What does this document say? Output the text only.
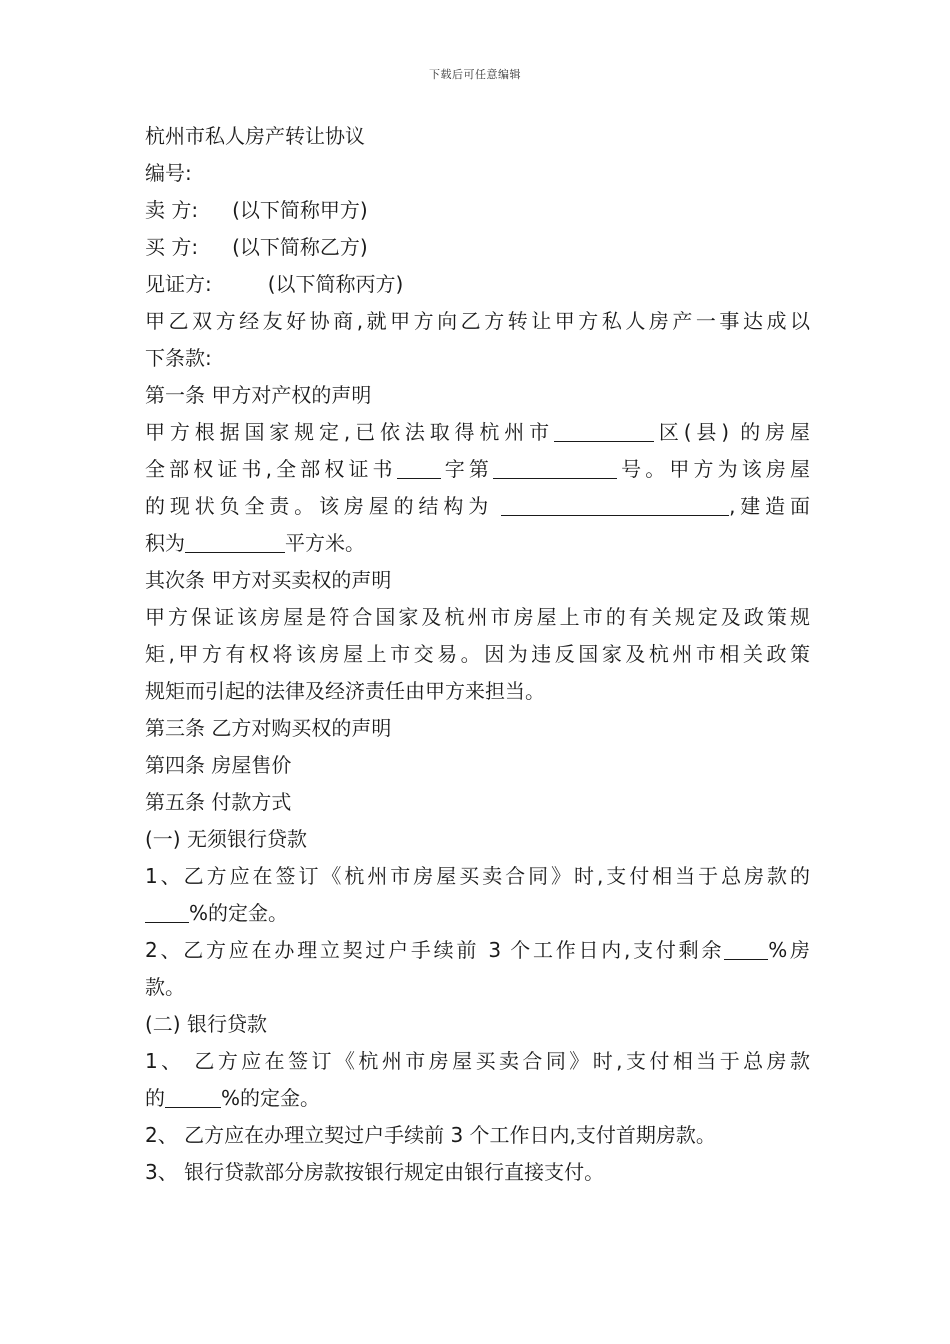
下载后可任意编辑
杭州市私人房产转让协议
编号:
卖 方: (以下简称甲方)
买 方: (以下简称乙方)
见证方:	(以下简称丙方)
甲乙双方经友好协商,就甲方向乙方转让甲方私人房产一事达成以
下条款:
第一条 甲方对产权的声明
甲方根据国家规定,已依法取得杭州市	区(县) 的房屋
全部权证书,全部权证书 字第	号。甲方为该房屋
的现状负全责。该房屋的结构为	,建造面
积为	平方米。
其次条 甲方对买卖权的声明
甲方保证该房屋是符合国家及杭州市房屋上市的有关规定及政策规
矩,甲方有权将该房屋上市交易。因为违反国家及杭州市相关政策
规矩而引起的法律及经济责任由甲方来担当。
第三条 乙方对购买权的声明
第四条 房屋售价
第五条 付款方式
(一) 无须银行贷款
1、乙方应在签订《杭州市房屋买卖合同》时,支付相当于总房款的
%的定金。
2、乙方应在办理立契过户手续前 3 个工作日内,支付剩余 %房
款。
(二) 银行贷款
1、 乙方应在签订《杭州市房屋买卖合同》时,支付相当于总房款
的	%的定金。
2、 乙方应在办理立契过户手续前 3 个工作日内,支付首期房款。
3、 银行贷款部分房款按银行规定由银行直接支付。
